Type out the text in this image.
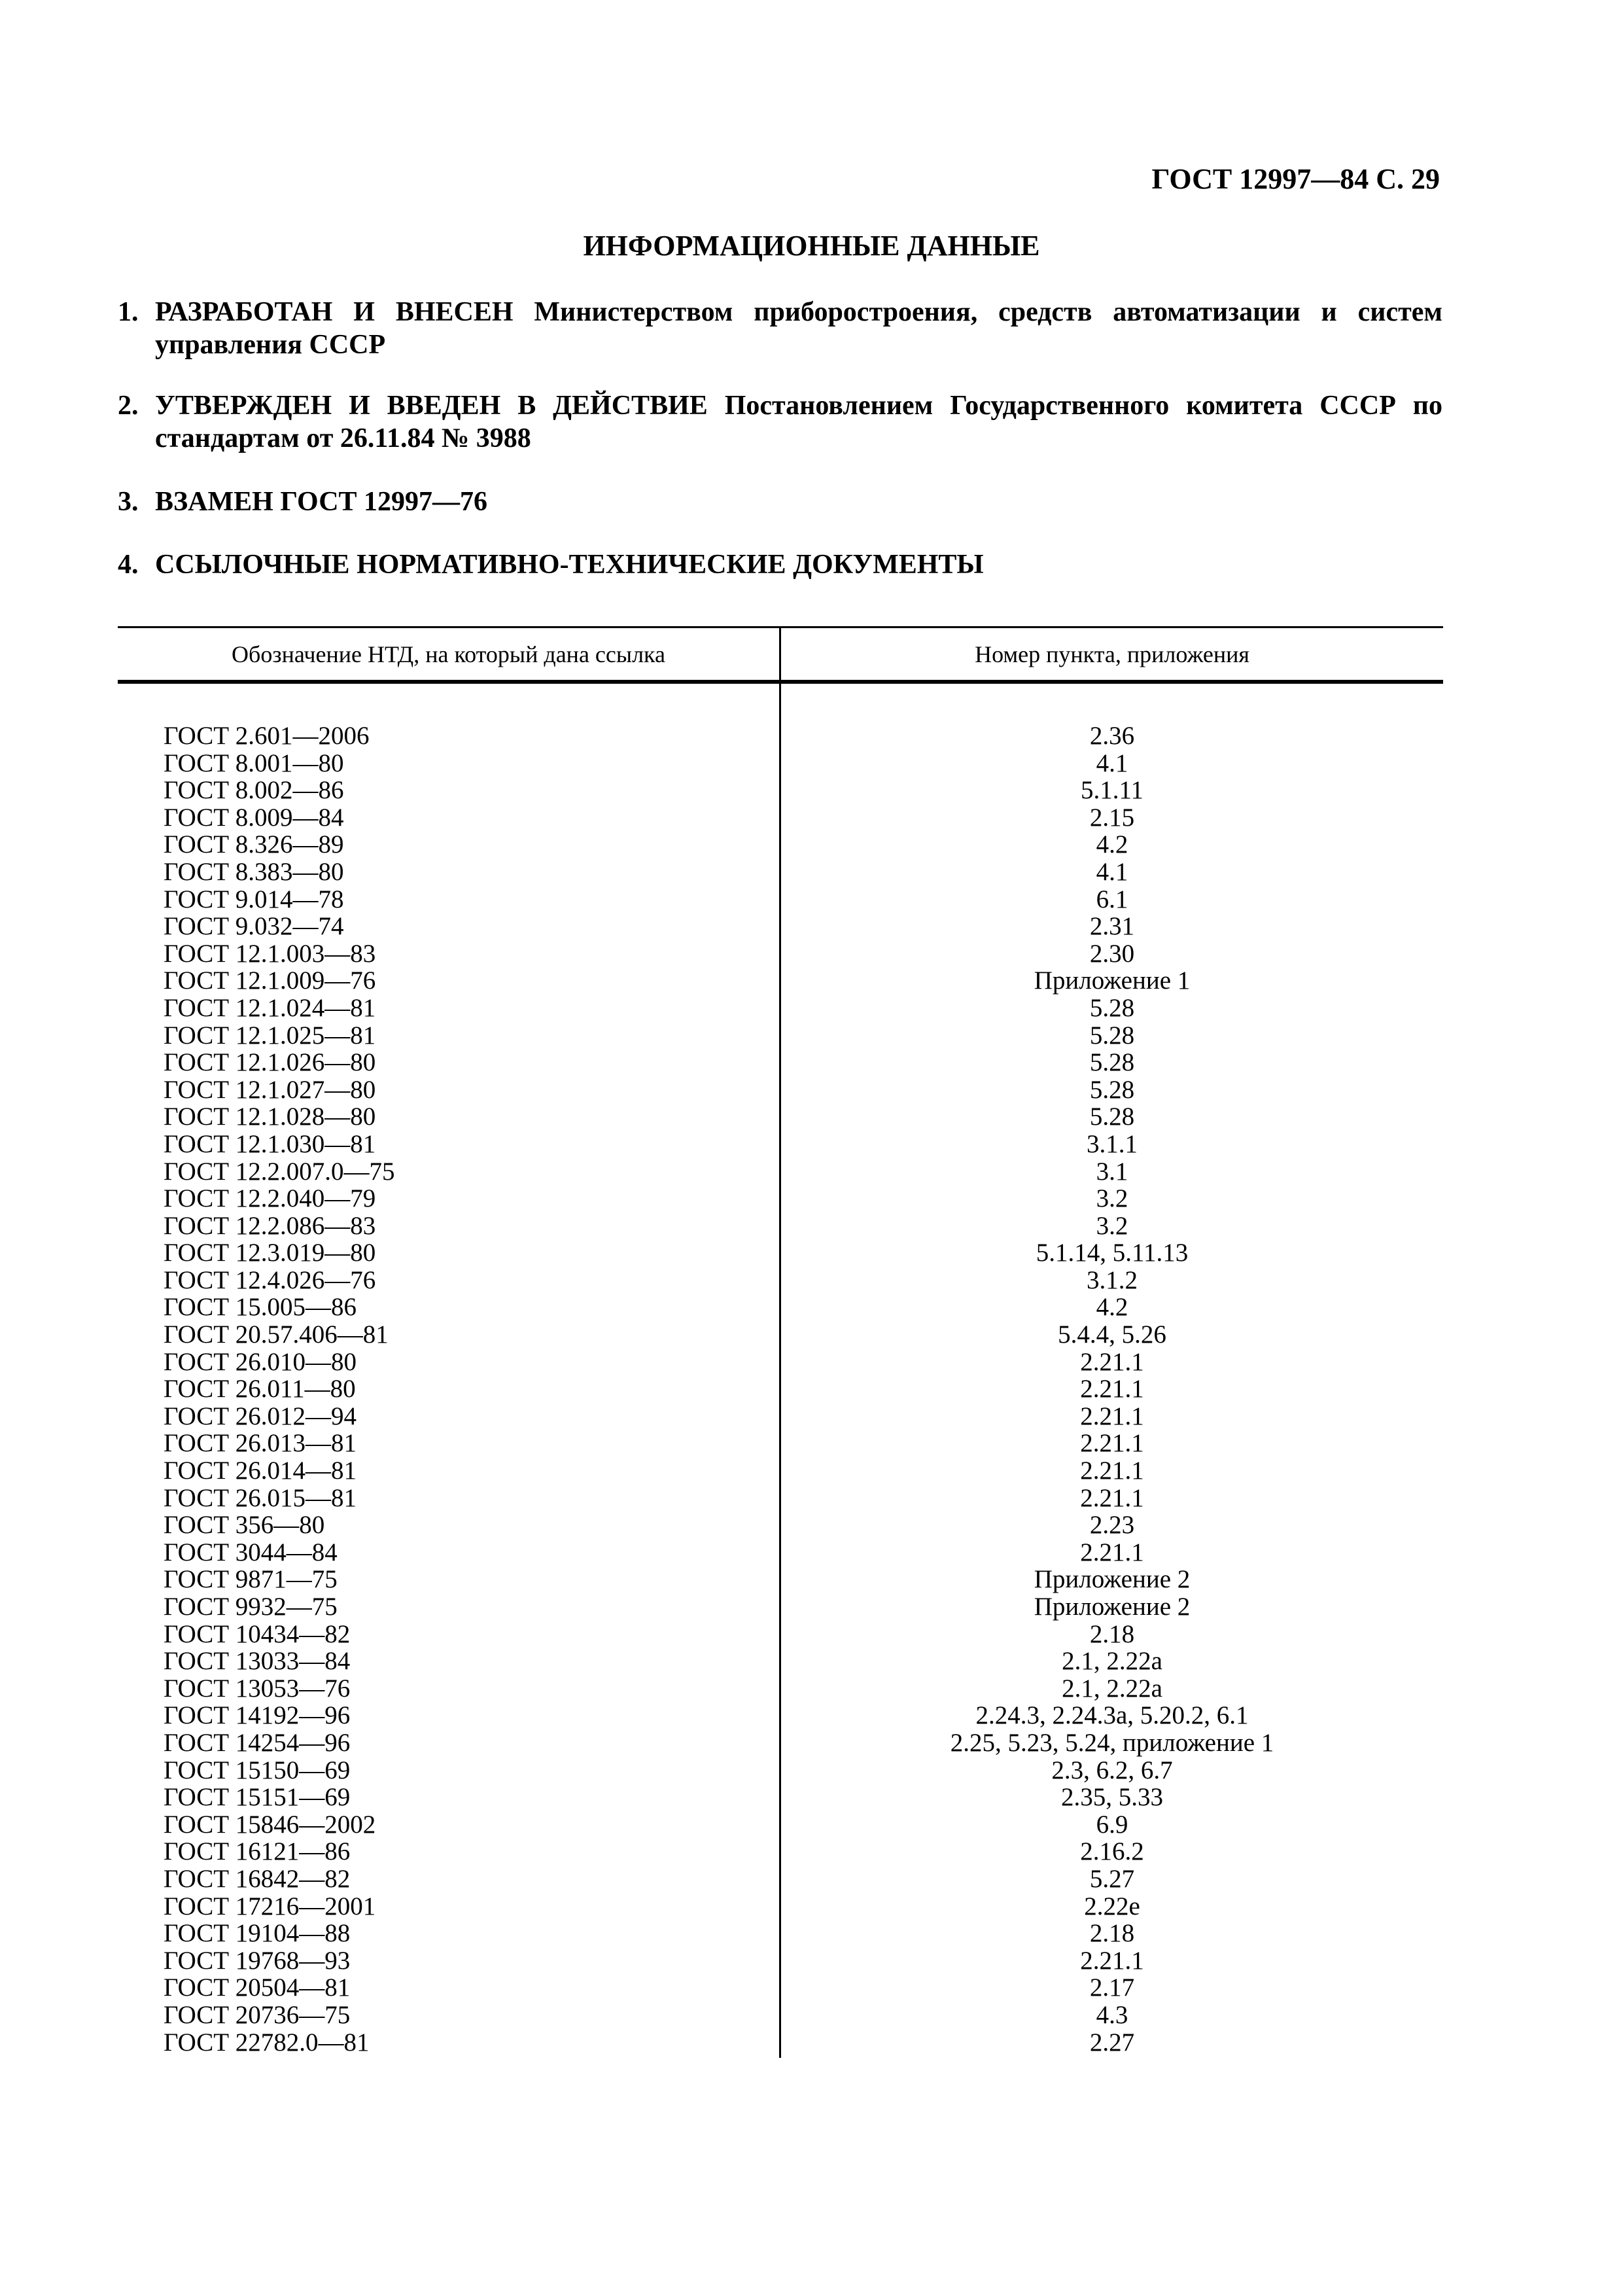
ГОСТ 12997—84 С. 29
ИНФОРМАЦИОННЫЕ ДАННЫЕ
1. РАЗРАБОТАН И ВНЕСЕН Министерством приборостроения, средств автоматизации и систем управления СССР
2. УТВЕРЖДЕН И ВВЕДЕН В ДЕЙСТВИЕ Постановлением Государственного комитета СССР по стандартам от 26.11.84 № 3988
3. ВЗАМЕН ГОСТ 12997—76
4. ССЫЛОЧНЫЕ НОРМАТИВНО-ТЕХНИЧЕСКИЕ ДОКУМЕНТЫ
Обозначение НТД, на который дана ссылка	Номер пункта, приложения
ГОСТ 2.601—2006	2.36
ГОСТ 8.001—80	4.1
ГОСТ 8.002—86	5.1.11
ГОСТ 8.009—84	2.15
ГОСТ 8.326—89	4.2
ГОСТ 8.383—80	4.1
ГОСТ 9.014—78	6.1
ГОСТ 9.032—74	2.31
ГОСТ 12.1.003—83	2.30
ГОСТ 12.1.009—76	Приложение 1
ГОСТ 12.1.024—81	5.28
ГОСТ 12.1.025—81	5.28
ГОСТ 12.1.026—80	5.28
ГОСТ 12.1.027—80	5.28
ГОСТ 12.1.028—80	5.28
ГОСТ 12.1.030—81	3.1.1
ГОСТ 12.2.007.0—75	3.1
ГОСТ 12.2.040—79	3.2
ГОСТ 12.2.086—83	3.2
ГОСТ 12.3.019—80	5.1.14, 5.11.13
ГОСТ 12.4.026—76	3.1.2
ГОСТ 15.005—86	4.2
ГОСТ 20.57.406—81	5.4.4, 5.26
ГОСТ 26.010—80	2.21.1
ГОСТ 26.011—80	2.21.1
ГОСТ 26.012—94	2.21.1
ГОСТ 26.013—81	2.21.1
ГОСТ 26.014—81	2.21.1
ГОСТ 26.015—81	2.21.1
ГОСТ 356—80	2.23
ГОСТ 3044—84	2.21.1
ГОСТ 9871—75	Приложение 2
ГОСТ 9932—75	Приложение 2
ГОСТ 10434—82	2.18
ГОСТ 13033—84	2.1, 2.22а
ГОСТ 13053—76	2.1, 2.22а
ГОСТ 14192—96	2.24.3, 2.24.3а, 5.20.2, 6.1
ГОСТ 14254—96	2.25, 5.23, 5.24, приложение 1
ГОСТ 15150—69	2.3, 6.2, 6.7
ГОСТ 15151—69	2.35, 5.33
ГОСТ 15846—2002	6.9
ГОСТ 16121—86	2.16.2
ГОСТ 16842—82	5.27
ГОСТ 17216—2001	2.22е
ГОСТ 19104—88	2.18
ГОСТ 19768—93	2.21.1
ГОСТ 20504—81	2.17
ГОСТ 20736—75	4.3
ГОСТ 22782.0—81	2.27
